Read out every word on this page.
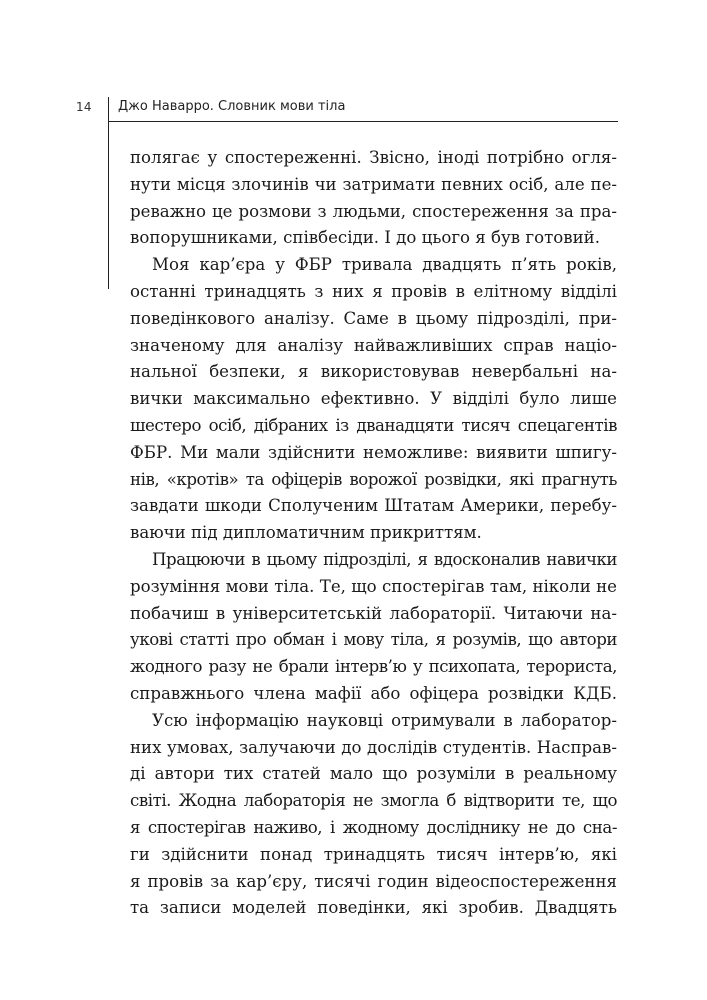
14 Джо Наварро. Словник мови тіла
полягає у спостереженні. Звісно, іноді потрібно огля-
нути місця злочинів чи затримати певних осіб, але пе-
реважно це розмови з людьми, спостереження за пра-
вопорушниками, співбесіди. І до цього я був готовий.
Моя кар’єра у ФБР тривала двадцять п’ять років,
останні тринадцять з них я провів в елітному відділі
поведінкового аналізу. Саме в цьому підрозділі, при-
значеному для аналізу найважливіших справ націо-
нальної безпеки, я використовував невербальні на-
вички максимально ефективно. У відділі було лише
шестеро осіб, дібраних із дванадцяти тисяч спецагентів
ФБР. Ми мали здійснити неможливе: виявити шпигу-
нів, «кротів» та офіцерів ворожої розвідки, які прагнуть
завдати шкоди Сполученим Штатам Америки, перебу-
ваючи під дипломатичним прикриттям.
Працюючи в цьому підрозділі, я вдосконалив навички
розуміння мови тіла. Те, що спостерігав там, ніколи не
побачиш в університетській лабораторії. Читаючи на-
укові статті про обман і мову тіла, я розумів, що автори
жодного разу не брали інтерв’ю у психопата, терориста,
справжнього члена мафії або офіцера розвідки КДБ.
Усю інформацію науковці отримували в лаборатор-
них умовах, залучаючи до дослідів студентів. Насправ-
ді автори тих статей мало що розуміли в реальному
світі. Жодна лабораторія не змогла б відтворити те, що
я спостерігав наживо, і жодному досліднику не до сна-
ги здійснити понад тринадцять тисяч інтерв’ю, які
я провів за кар’єру, тисячі годин відеоспостереження
та записи моделей поведінки, які зробив. Двадцять
